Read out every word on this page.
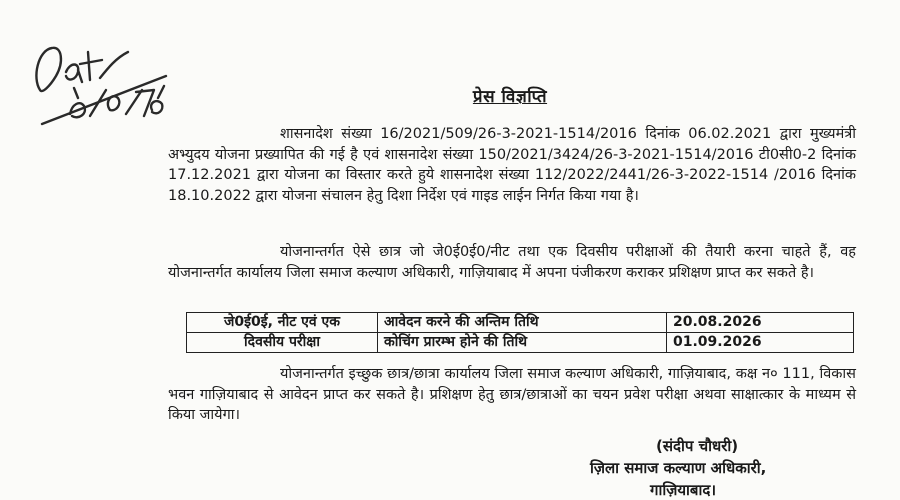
प्रेस विज्ञप्ति

शासनादेश संख्या 16/2021/509/26-3-2021-1514/2016 दिनांक 06.02.2021 द्वारा मुख्यमंत्री अभ्युदय योजना प्रख्यापित की गई है एवं शासनादेश संख्या 150/2021/3424/26-3-2021-1514/2016 टी0सी0-2 दिनांक 17.12.2021 द्वारा योजना का विस्तार करते हुये शासनादेश संख्या 112/2022/2441/26-3-2022-1514 /2016 दिनांक 18.10.2022 द्वारा योजना संचालन हेतु दिशा निर्देश एवं गाइड लाईन निर्गत किया गया है।

योजनान्तर्गत ऐसे छात्र जो जे0ई0ई0/नीट तथा एक दिवसीय परीक्षाओं की तैयारी करना चाहते हैं, वह योजनान्तर्गत कार्यालय जिला समाज कल्याण अधिकारी, गाज़ियाबाद में अपना पंजीकरण कराकर प्रशिक्षण प्राप्त कर सकते है।

जे0ई0ई, नीट एवं एक	आवेदन करने की अन्तिम तिथि	20.08.2026
दिवसीय परीक्षा	कोचिंग प्रारम्भ होने की तिथि	01.09.2026

योजनान्तर्गत इच्छुक छात्र/छात्रा कार्यालय जिला समाज कल्याण अधिकारी, गाज़ियाबाद, कक्ष न० 111, विकास भवन गाज़ियाबाद से आवेदन प्राप्त कर सकते है। प्रशिक्षण हेतु छात्र/छात्राओं का चयन प्रवेश परीक्षा अथवा साक्षात्कार के माध्यम से किया जायेगा।

(संदीप चौधरी)
ज़िला समाज कल्याण अधिकारी,
गाज़ियाबाद।
